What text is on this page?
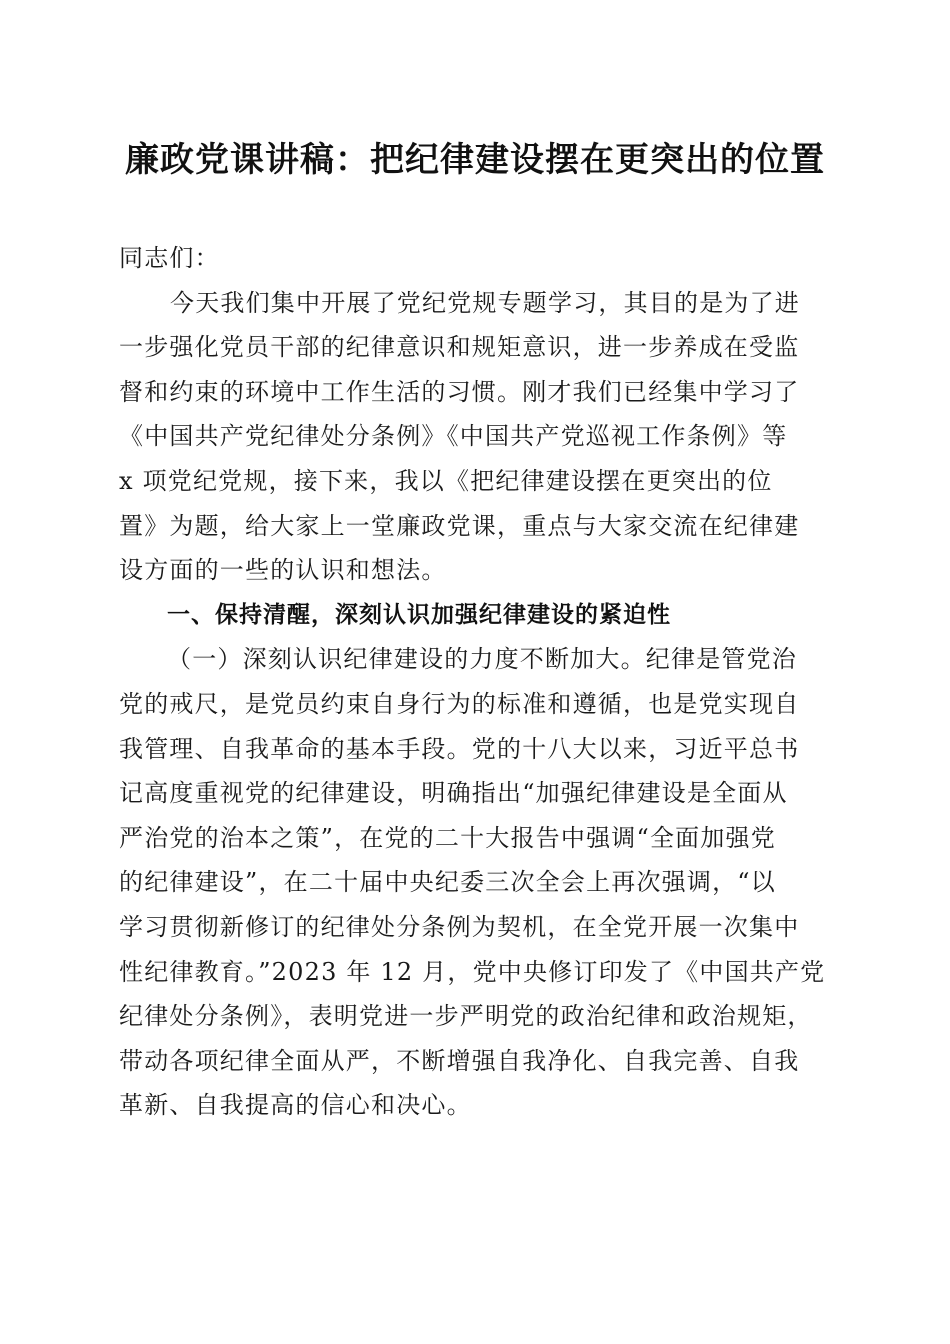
廉政党课讲稿：把纪律建设摆在更突出的位置
同志们：
今天我们集中开展了党纪党规专题学习，其目的是为了进
一步强化党员干部的纪律意识和规矩意识，进一步养成在受监
督和约束的环境中工作生活的习惯。刚才我们已经集中学习了
《中国共产党纪律处分条例》《中国共产党巡视工作条例》等
x 项党纪党规，接下来，我以《把纪律建设摆在更突出的位
置》为题，给大家上一堂廉政党课，重点与大家交流在纪律建
设方面的一些的认识和想法。
一、保持清醒，深刻认识加强纪律建设的紧迫性
（一）深刻认识纪律建设的力度不断加大。纪律是管党治
党的戒尺，是党员约束自身行为的标准和遵循，也是党实现自
我管理、自我革命的基本手段。党的十八大以来，习近平总书
记高度重视党的纪律建设，明确指出“加强纪律建设是全面从
严治党的治本之策”，在党的二十大报告中强调“全面加强党
的纪律建设”，在二十届中央纪委三次全会上再次强调，“以
学习贯彻新修订的纪律处分条例为契机，在全党开展一次集中
性纪律教育。”2023 年 12 月，党中央修订印发了《中国共产党
纪律处分条例》，表明党进一步严明党的政治纪律和政治规矩，
带动各项纪律全面从严，不断增强自我净化、自我完善、自我
革新、自我提高的信心和决心。
